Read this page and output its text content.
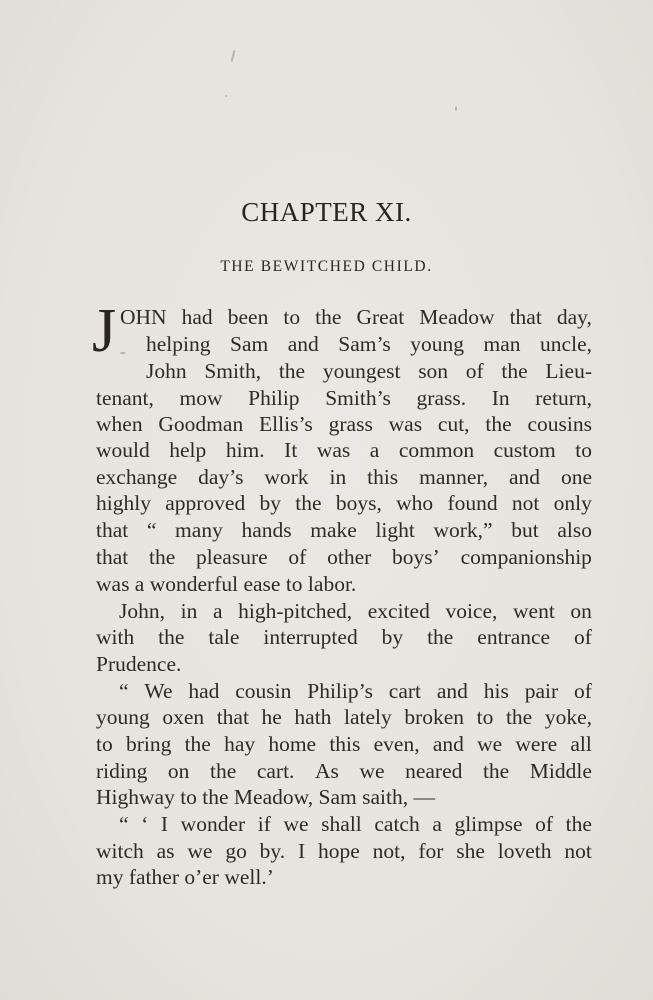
CHAPTER XI.
THE BEWITCHED CHILD.
J OHN had been to the Great Meadow that day,
helping Sam and Sam’s young man uncle,
John Smith, the youngest son of the Lieu-
tenant, mow Philip Smith’s grass. In return,
when Goodman Ellis’s grass was cut, the cousins
would help him. It was a common custom to
exchange day’s work in this manner, and one
highly approved by the boys, who found not only
that “ many hands make light work,” but also
that the pleasure of other boys’ companionship
was a wonderful ease to labor.
John, in a high-pitched, excited voice, went on
with the tale interrupted by the entrance of
Prudence.
“ We had cousin Philip’s cart and his pair of
young oxen that he hath lately broken to the yoke,
to bring the hay home this even, and we were all
riding on the cart. As we neared the Middle
Highway to the Meadow, Sam saith, —
“ ‘ I wonder if we shall catch a glimpse of the
witch as we go by. I hope not, for she loveth not
my father o’er well.’
